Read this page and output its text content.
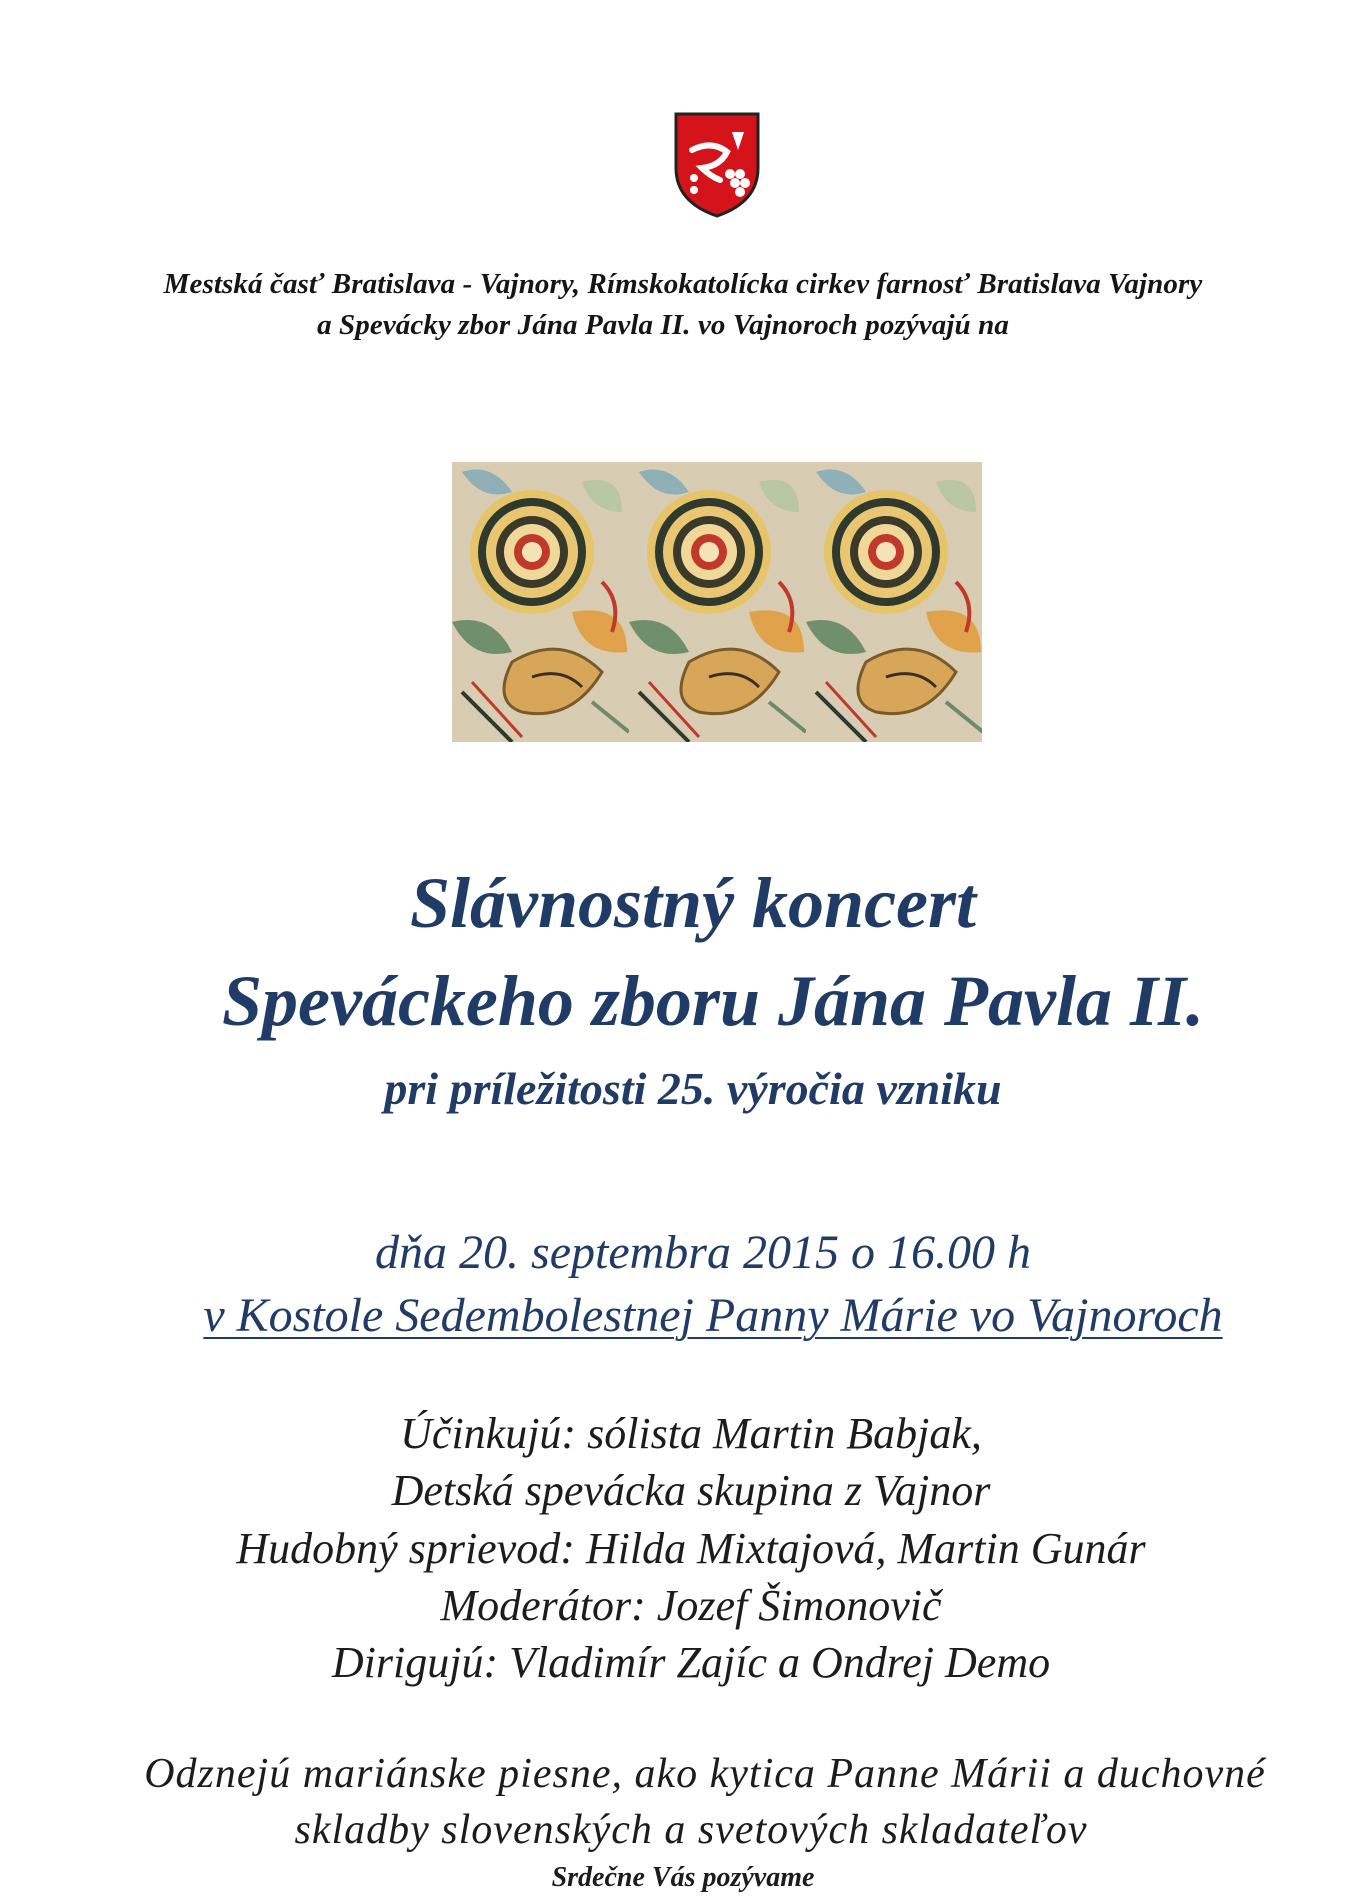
Mestská časť Bratislava - Vajnory, Rímskokatolícka cirkev farnosť Bratislava Vajnory
a Spevácky zbor Jána Pavla II. vo Vajnoroch pozývajú na
Slávnostný koncert
Speváckeho zboru Jána Pavla II.
pri príležitosti 25. výročia vzniku
dňa 20. septembra 2015 o 16.00 h
v Kostole Sedembolestnej Panny Márie vo Vajnoroch
Účinkujú: sólista Martin Babjak,
Detská spevácka skupina z Vajnor
Hudobný sprievod: Hilda Mixtajová, Martin Gunár
Moderátor: Jozef Šimonovič
Dirigujú: Vladimír Zajíc a Ondrej Demo
Odznejú mariánske piesne, ako kytica Panne Márii a duchovné
skladby slovenských a svetových skladateľov
Srdečne Vás pozývame
